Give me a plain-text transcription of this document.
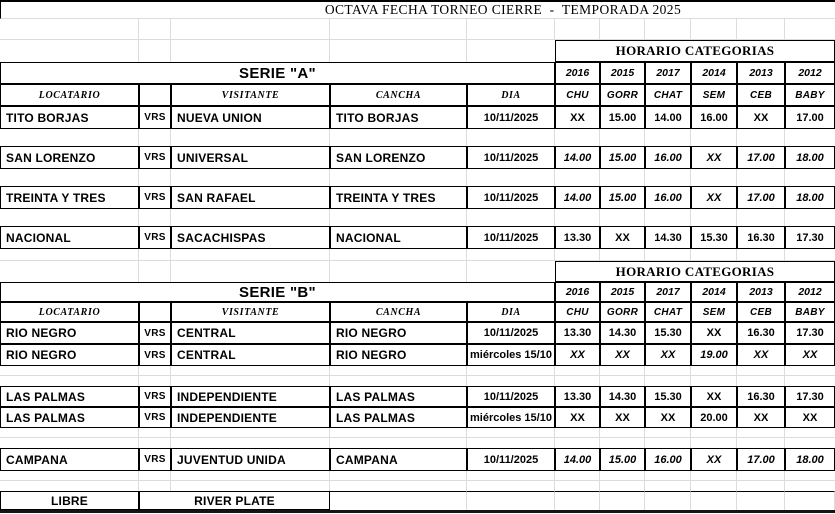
OCTAVA FECHA TORNEO CIERRE  -  TEMPORADA 2025
HORARIO CATEGORIAS
SERIE "A"	2016	2015	2017	2014	2013	2012
LOCATARIO	VISITANTE	CANCHA	DIA	CHU	GORR	CHAT	SEM	CEB	BABY
TITO BORJAS	VRS NUEVA UNION	TITO BORJAS	10/11/2025	XX	15.00	14.00	16.00	XX	17.00
SAN LORENZO	VRS UNIVERSAL	SAN LORENZO	10/11/2025	14.00	15.00	16.00	XX	17.00	18.00
TREINTA Y TRES	VRS SAN RAFAEL	TREINTA Y TRES	10/11/2025	14.00	15.00	16.00	XX	17.00	18.00
NACIONAL	VRS SACACHISPAS	NACIONAL	10/11/2025	13.30	XX	14.30	15.30	16.30	17.30
HORARIO CATEGORIAS
SERIE "B"	2016	2015	2017	2014	2013	2012
LOCATARIO	VISITANTE	CANCHA	DIA	CHU	GORR	CHAT	SEM	CEB	BABY
RIO NEGRO	VRS CENTRAL	RIO NEGRO	10/11/2025	13.30	14.30	15.30	XX	16.30	17.30
RIO NEGRO	VRS CENTRAL	RIO NEGRO	miércoles 15/10	XX	XX	XX	19.00	XX	XX
LAS PALMAS	VRS INDEPENDIENTE	LAS PALMAS	10/11/2025	13.30	14.30	15.30	XX	16.30	17.30
LAS PALMAS	VRS INDEPENDIENTE	LAS PALMAS	miércoles 15/10	XX	XX	XX	20.00	XX	XX
CAMPANA	VRS JUVENTUD UNIDA	CAMPANA	10/11/2025	14.00	15.00	16.00	XX	17.00	18.00
LIBRE	RIVER PLATE
